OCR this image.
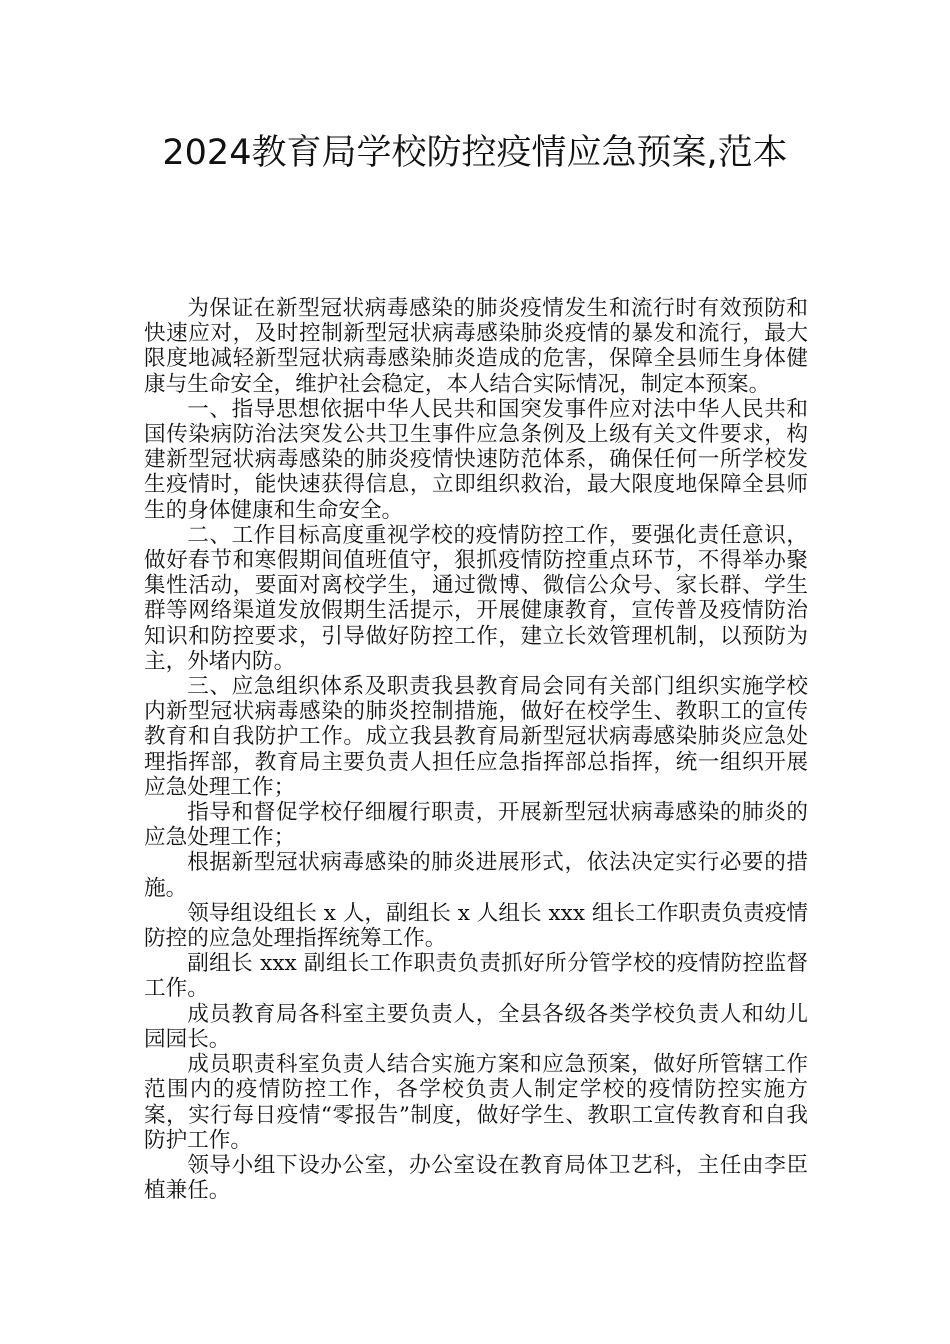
2024教育局学校防控疫情应急预案,范本

为保证在新型冠状病毒感染的肺炎疫情发生和流行时有效预防和快速应对，及时控制新型冠状病毒感染肺炎疫情的暴发和流行，最大限度地减轻新型冠状病毒感染肺炎造成的危害，保障全县师生身体健康与生命安全，维护社会稳定，本人结合实际情况，制定本预案。

一、指导思想依据中华人民共和国突发事件应对法中华人民共和国传染病防治法突发公共卫生事件应急条例及上级有关文件要求，构建新型冠状病毒感染的肺炎疫情快速防范体系，确保任何一所学校发生疫情时，能快速获得信息，立即组织救治，最大限度地保障全县师生的身体健康和生命安全。

二、工作目标高度重视学校的疫情防控工作，要强化责任意识，做好春节和寒假期间值班值守，狠抓疫情防控重点环节，不得举办聚集性活动，要面对离校学生，通过微博、微信公众号、家长群、学生群等网络渠道发放假期生活提示，开展健康教育，宣传普及疫情防治知识和防控要求，引导做好防控工作，建立长效管理机制，以预防为主，外堵内防。

三、应急组织体系及职责我县教育局会同有关部门组织实施学校内新型冠状病毒感染的肺炎控制措施，做好在校学生、教职工的宣传教育和自我防护工作。成立我县教育局新型冠状病毒感染肺炎应急处理指挥部，教育局主要负责人担任应急指挥部总指挥，统一组织开展应急处理工作；

指导和督促学校仔细履行职责，开展新型冠状病毒感染的肺炎的应急处理工作；

根据新型冠状病毒感染的肺炎进展形式，依法决定实行必要的措施。

领导组设组长 x 人，副组长 x 人组长 xxx 组长工作职责负责疫情防控的应急处理指挥统筹工作。

副组长 xxx 副组长工作职责负责抓好所分管学校的疫情防控监督工作。

成员教育局各科室主要负责人，全县各级各类学校负责人和幼儿园园长。

成员职责科室负责人结合实施方案和应急预案，做好所管辖工作范围内的疫情防控工作，各学校负责人制定学校的疫情防控实施方案，实行每日疫情“零报告”制度，做好学生、教职工宣传教育和自我防护工作。

领导小组下设办公室，办公室设在教育局体卫艺科，主任由李臣植兼任。
